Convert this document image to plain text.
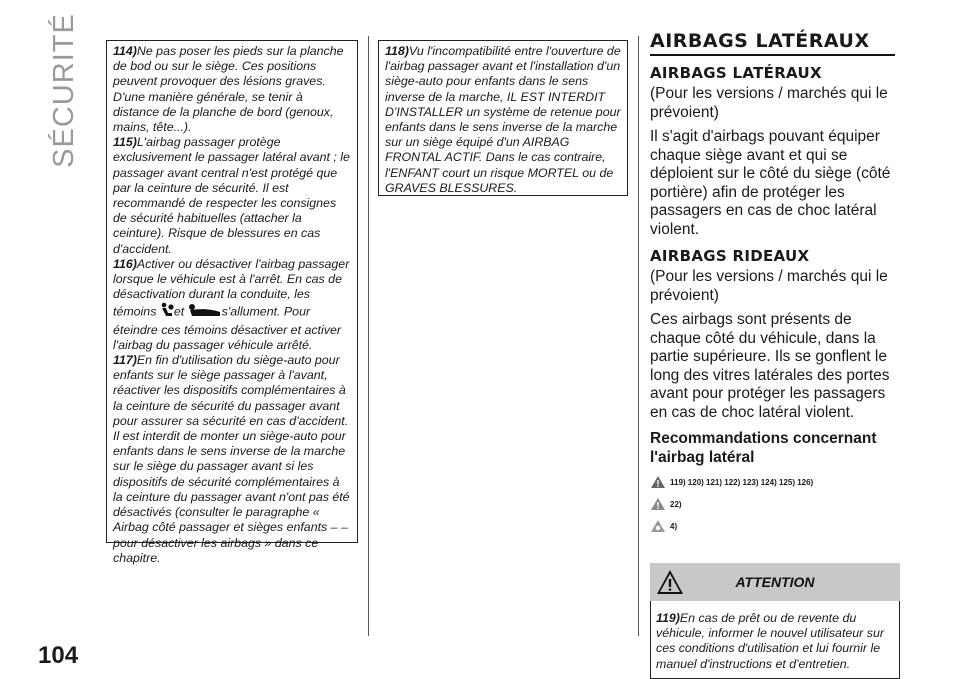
SÉCURITÉ	114)Ne pas poser les pieds sur la planche de bod ou sur le siège. Ces positions peuvent provoquer des lésions graves. D'une manière générale, se tenir à distance de la planche de bord (genoux, mains, tête...).

115)L'airbag passager protège exclusivement le passager latéral avant ; le passager avant central n'est protégé que par la ceinture de sécurité. Il est recommandé de respecter les consignes de sécurité habituelles (attacher la ceinture). Risque de blessures en cas d'accident.

116)Activer ou désactiver l'airbag passager lorsque le véhicule est à l'arrêt. En cas de désactivation durant la conduite, les témoins et	s'allument. Pour éteindre ces témoins désactiver et activer l'airbag du passager véhicule arrêté.

117)En fin d'utilisation du siège-auto pour enfants sur le siège passager à l'avant, réactiver les dispositifs complémentaires à la ceinture de sécurité du passager avant pour assurer sa sécurité en cas d'accident. Il est interdit de monter un siège-auto pour enfants dans le sens inverse de la marche sur le siège du passager avant si les dispositifs de sécurité complémentaires à la ceinture du passager avant n'ont pas été désactivés (consulter le paragraphe « Airbag côté passager et sièges enfants – –pour désactiver les airbags » dans ce chapitre.

118)Vu l'incompatibilité entre l'ouverture de l'airbag passager avant et l'installation d'un siège-auto pour enfants dans le sens inverse de la marche, IL EST INTERDIT D'INSTALLER un système de retenue pour enfants dans le sens inverse de la marche sur un siège équipé d'un AIRBAG FRONTAL ACTIF. Dans le cas contraire, l'ENFANT court un risque MORTEL ou de GRAVES BLESSURES.

AIRBAGS LATÉRAUX
AIRBAGS LATÉRAUX

(Pour les versions / marchés qui le prévoient)

Il s'agit d'airbags pouvant équiper chaque siège avant et qui se déploient sur le côté du siège (côté portière) afin de protéger les passagers en cas de choc latéral violent.

AIRBAGS RIDEAUX

(Pour les versions / marchés qui le prévoient)

Ces airbags sont présents de chaque côté du véhicule, dans la partie supérieure. Ils se gonflent le long des vitres latérales des portes avant pour protéger les passagers en cas de choc latéral violent.

Recommandations concernant l'airbag latéral

119) 120) 121) 122) 123) 124) 125) 126)
22)
4)
ATTENTION

119)En cas de prêt ou de revente du véhicule, informer le nouvel utilisateur sur ces conditions d'utilisation et lui fournir le manuel d'instructions et d'entretien.

104
